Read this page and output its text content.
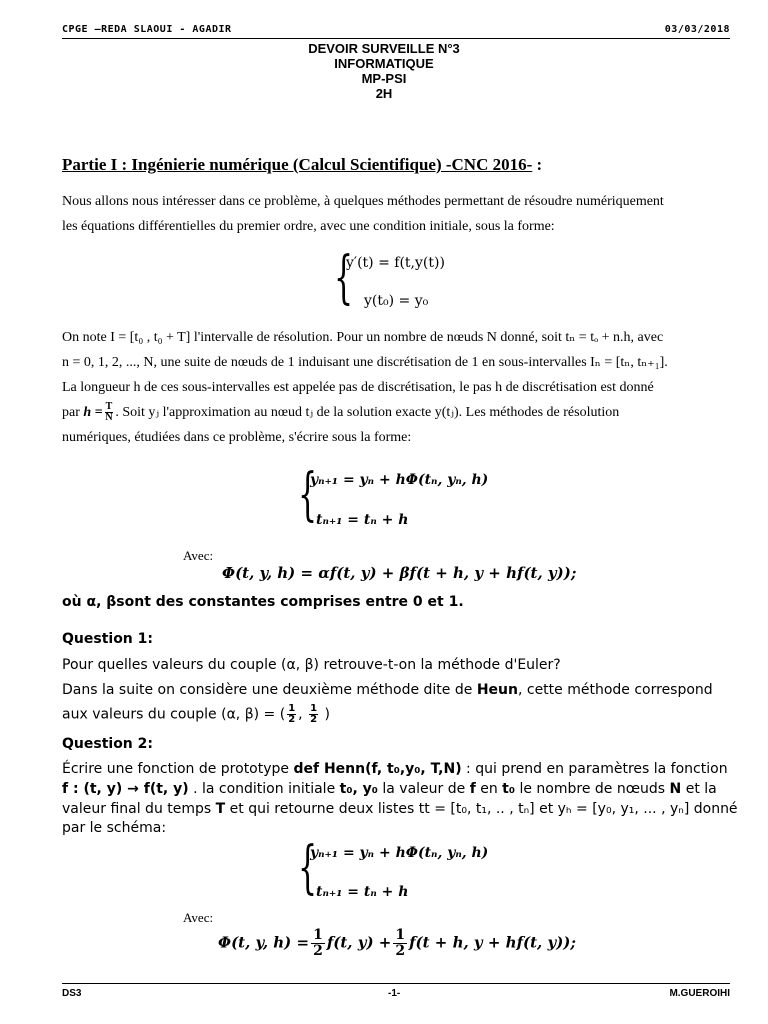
CPGE –REDA SLAOUI - AGADIR	03/03/2018
DEVOIR SURVEILLE N°3
INFORMATIQUE
MP-PSI
2H
Partie I : Ingénierie numérique (Calcul Scientifique) -CNC 2016- :
Nous allons nous intéresser dans ce problème, à quelques méthodes permettant de résoudre numériquement
les équations différentielles du premier ordre, avec une condition initiale, sous la forme:
{
y′(t) = f(t,y(t))
y(t₀) = y₀
On note I = [t₀ , t₀ + T] l'intervalle de résolution. Pour un nombre de nœuds N donné, soit tₙ = tₒ + n.h, avec
n = 0, 1, 2, ..., N, une suite de nœuds de 1 induisant une discrétisation de 1 en sous-intervalles Iₙ = [tₙ, tₙ₊₁].
La longueur h de ces sous-intervalles est appelée pas de discrétisation, le pas h de discrétisation est donné
par $h = \frac{T}{N}$ . Soit yⱼ l'approximation au nœud tⱼ de la solution exacte y(tⱼ). Les méthodes de résolution
numériques, étudiées dans ce problème, s'écrire sous la forme:
{
yₙ₊₁ = yₙ + hΦ(tₙ, yₙ, h)
tₙ₊₁ = tₙ + h
Avec:
Φ(t, y, h) = αf(t, y) + βf(t + h, y + hf(t, y));
où α, βsont des constantes comprises entre 0 et 1.
Question 1:
Pour quelles valeurs du couple (α, β) retrouve-t-on la méthode d'Euler?
Dans la suite on considère une deuxième méthode dite de Heun, cette méthode correspond
aux valeurs du couple (α, β) = ( $\frac{1}{2}$ , $\frac{1}{2}$ )
Question 2:
Écrire une fonction de prototype def Henn(f, t₀,y₀, T,N) : qui prend en paramètres la fonction
f : (t, y) → f(t, y) . la condition initiale t₀, y₀ la valeur de f en t₀ le nombre de nœuds N et la
valeur final du temps T et qui retourne deux listes tt = [t₀, t₁, .. , tₙ] et yₕ = [y₀, y₁, ... , yₙ] donné
par le schéma:
{
yₙ₊₁ = yₙ + hΦ(tₙ, yₙ, h)
tₙ₊₁ = tₙ + h
Avec:
Φ(t, y, $h) = \frac{1}{2} f(t$, $y) + \frac{1}{2} f(t + h$, y + hf(t, y));
DS3	-1-	M.GUEROIHI
